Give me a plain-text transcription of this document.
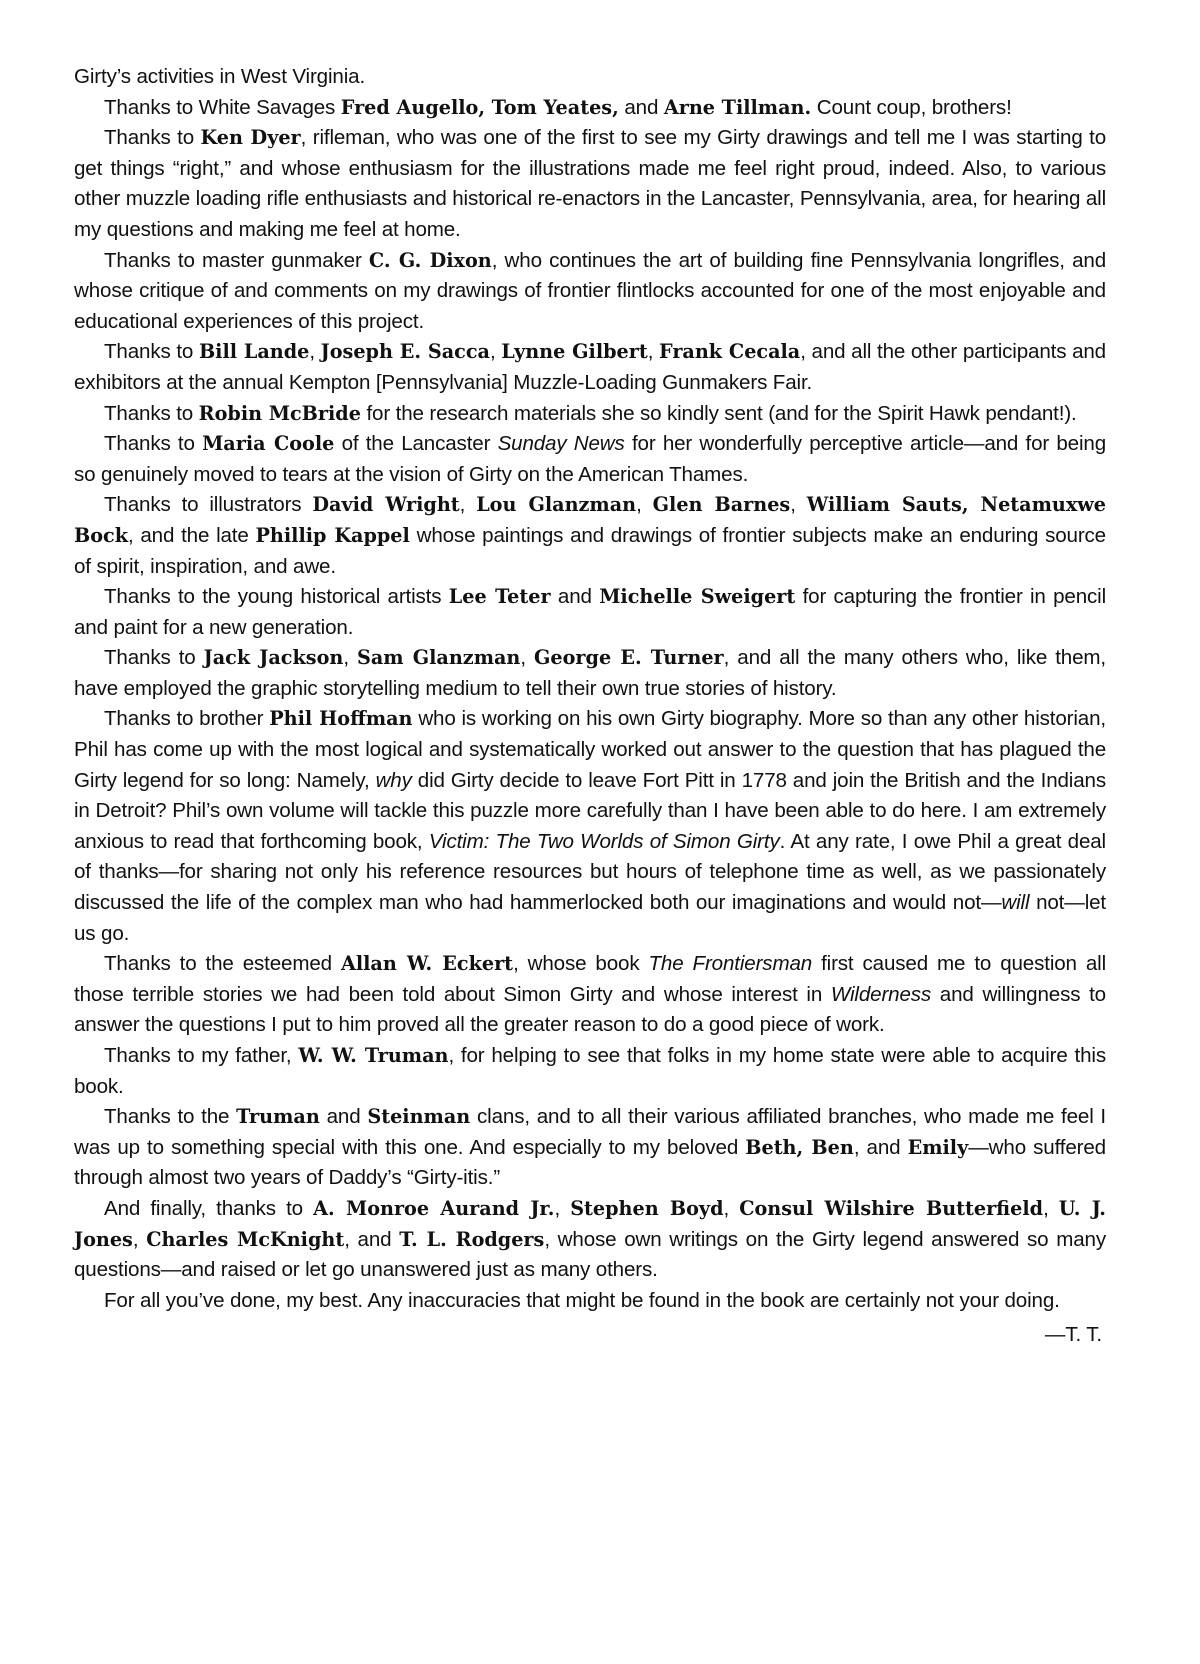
Girty’s activities in West Virginia.

Thanks to White Savages Fred Augello, Tom Yeates, and Arne Tillman. Count coup, brothers!

Thanks to Ken Dyer, rifleman, who was one of the first to see my Girty drawings and tell me I was starting to get things “right,” and whose enthusiasm for the illustrations made me feel right proud, indeed. Also, to various other muzzle loading rifle enthusiasts and historical re-enactors in the Lancaster, Pennsylvania, area, for hearing all my questions and making me feel at home.

Thanks to master gunmaker C. G. Dixon, who continues the art of building fine Pennsylvania longrifles, and whose critique of and comments on my drawings of frontier flintlocks accounted for one of the most enjoyable and educational experiences of this project.

Thanks to Bill Lande, Joseph E. Sacca, Lynne Gilbert, Frank Cecala, and all the other participants and exhibitors at the annual Kempton [Pennsylvania] Muzzle-Loading Gunmakers Fair.

Thanks to Robin McBride for the research materials she so kindly sent (and for the Spirit Hawk pendant!).

Thanks to Maria Coole of the Lancaster Sunday News for her wonderfully perceptive article—and for being so genuinely moved to tears at the vision of Girty on the American Thames.

Thanks to illustrators David Wright, Lou Glanzman, Glen Barnes, William Sauts, Netamuxwe Bock, and the late Phillip Kappel whose paintings and drawings of frontier subjects make an enduring source of spirit, inspiration, and awe.

Thanks to the young historical artists Lee Teter and Michelle Sweigert for capturing the frontier in pencil and paint for a new generation.

Thanks to Jack Jackson, Sam Glanzman, George E. Turner, and all the many others who, like them, have employed the graphic storytelling medium to tell their own true stories of history.

Thanks to brother Phil Hoffman who is working on his own Girty biography. More so than any other historian, Phil has come up with the most logical and systematically worked out answer to the question that has plagued the Girty legend for so long: Namely, why did Girty decide to leave Fort Pitt in 1778 and join the British and the Indians in Detroit? Phil’s own volume will tackle this puzzle more carefully than I have been able to do here. I am extremely anxious to read that forthcoming book, Victim: The Two Worlds of Simon Girty. At any rate, I owe Phil a great deal of thanks—for sharing not only his reference resources but hours of telephone time as well, as we passionately discussed the life of the complex man who had hammerlocked both our imaginations and would not—will not—let us go.

Thanks to the esteemed Allan W. Eckert, whose book The Frontiersman first caused me to question all those terrible stories we had been told about Simon Girty and whose interest in Wilderness and willingness to answer the questions I put to him proved all the greater reason to do a good piece of work.

Thanks to my father, W. W. Truman, for helping to see that folks in my home state were able to acquire this book.

Thanks to the Truman and Steinman clans, and to all their various affiliated branches, who made me feel I was up to something special with this one. And especially to my beloved Beth, Ben, and Emily—who suffered through almost two years of Daddy’s “Girty-itis.”

And finally, thanks to A. Monroe Aurand Jr., Stephen Boyd, Consul Wilshire Butterfield, U. J. Jones, Charles McKnight, and T. L. Rodgers, whose own writings on the Girty legend answered so many questions—and raised or let go unanswered just as many others.

For all you’ve done, my best. Any inaccuracies that might be found in the book are certainly not your doing.

—T. T.
